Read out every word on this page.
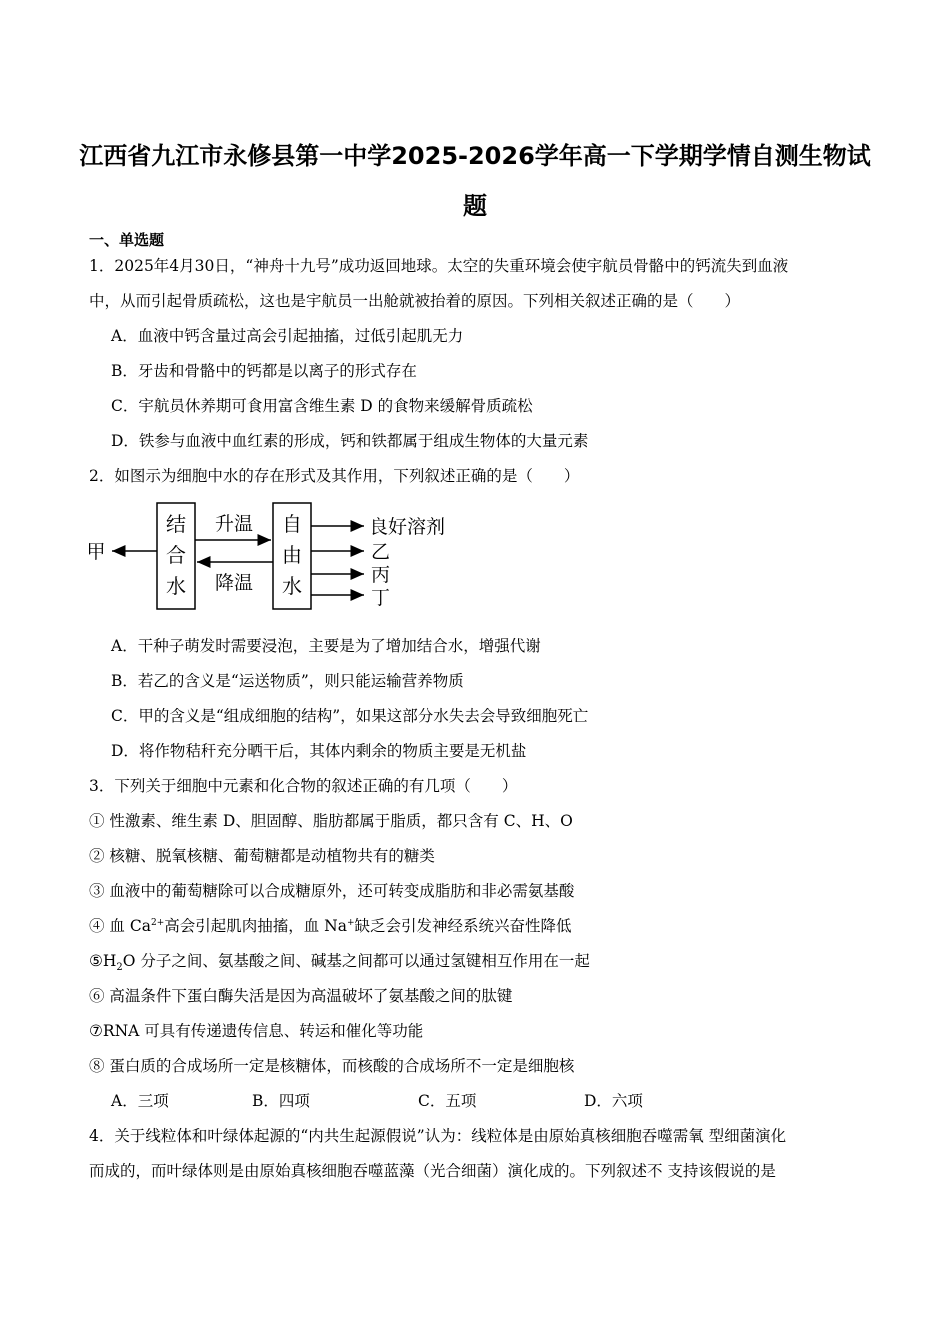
江西省九江市永修县第一中学2025-2026学年高一下学期学情自测生物试
题
一、单选题
1．2025年4月30日，“神舟十九号”成功返回地球。太空的失重环境会使宇航员骨骼中的钙流失到血液
中，从而引起骨质疏松，这也是宇航员一出舱就被抬着的原因。下列相关叙述正确的是（　　）
A．血液中钙含量过高会引起抽搐，过低引起肌无力
B．牙齿和骨骼中的钙都是以离子的形式存在
C．宇航员休养期可食用富含维生素 D 的食物来缓解骨质疏松
D．铁参与血液中血红素的形成，钙和铁都属于组成生物体的大量元素
2．如图示为细胞中水的存在形式及其作用，下列叙述正确的是（　　）
结
合
水
自
由
水
升温
降温
甲
良好溶剂
乙
丙
丁
A．干种子萌发时需要浸泡，主要是为了增加结合水，增强代谢
B．若乙的含义是“运送物质”，则只能运输营养物质
C．甲的含义是“组成细胞的结构”，如果这部分水失去会导致细胞死亡
D．将作物秸秆充分晒干后，其体内剩余的物质主要是无机盐
3．下列关于细胞中元素和化合物的叙述正确的有几项（　　）
① 性激素、维生素 D、胆固醇、脂肪都属于脂质，都只含有 C、H、O
② 核糖、脱氧核糖、葡萄糖都是动植物共有的糖类
③ 血液中的葡萄糖除可以合成糖原外，还可转变成脂肪和非必需氨基酸
④ 血 $Ca^{2+}$高会引起肌肉抽搐，血 Na+缺乏会引发神经系统兴奋性降低
$⑤H_2O$ 分子之间、氨基酸之间、碱基之间都可以通过氢键相互作用在一起
⑥ 高温条件下蛋白酶失活是因为高温破坏了氨基酸之间的肽键
⑦RNA 可具有传递遗传信息、转运和催化等功能
⑧ 蛋白质的合成场所一定是核糖体，而核酸的合成场所不一定是细胞核
A．三项	B．四项	C．五项	D．六项
4．关于线粒体和叶绿体起源的“内共生起源假说”认为：线粒体是由原始真核细胞吞噬需氧 型细菌演化
而成的，而叶绿体则是由原始真核细胞吞噬蓝藻（光合细菌）演化成的。下列叙述不 支持该假说的是
